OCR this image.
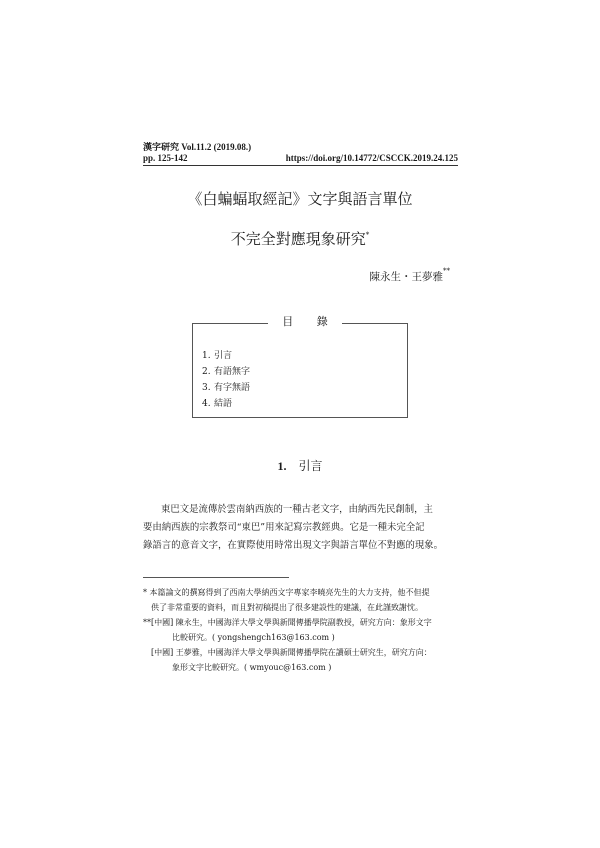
漢字研究 Vol.11.2 (2019.08.)
pp. 125-142	https://doi.org/10.14772/CSCCK.2019.24.125
《白蝙蝠取經記》文字與語言單位
不完全對應現象研究*
陳永生・王夢雅**
目 錄
1. 引言
2. 有語無字
3. 有字無語
4. 結語
1. 引言

東巴文是流傳於雲南納西族的一種古老文字，由納西先民創制，主
要由納西族的宗教祭司“東巴”用來記寫宗教經典。它是一種未完全記
錄語言的意音文字，在實際使用時常出現文字與語言單位不對應的現象。

* 本篇論文的撰寫得到了西南大學納西文字專家李曉亮先生的大力支持，他不但提
供了非常重要的資料，而且對初稿提出了很多建設性的建議，在此謹致謝忱。
**[中國] 陳永生，中國海洋大學文學與新聞傳播學院副教授，研究方向：象形文字
比較研究。( yongshengch163@163.com )
[中國] 王夢雅，中國海洋大學文學與新聞傳播學院在讀碩士研究生，研究方向：
象形文字比較研究。( wmyouc@163.com )
